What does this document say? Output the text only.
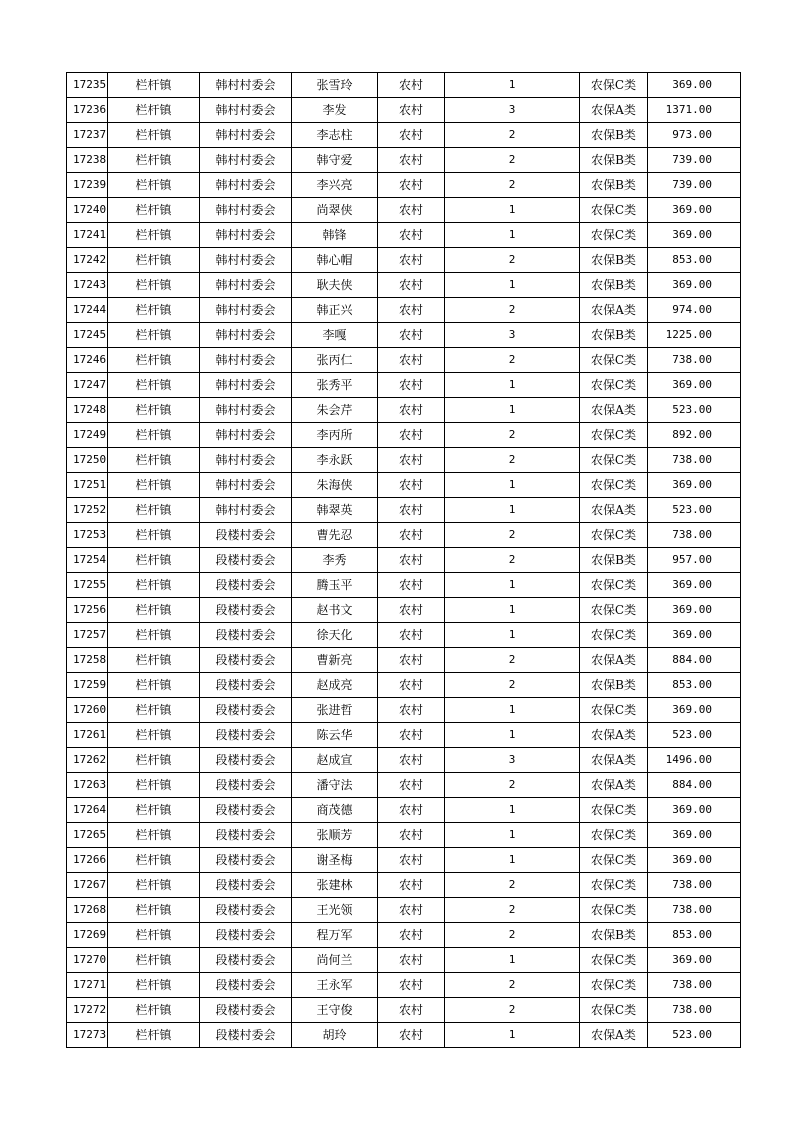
17235	栏杆镇	韩村村委会	张雪玲	农村	1	农保C类	369.00
17236	栏杆镇	韩村村委会	李发	农村	3	农保A类	1371.00
17237	栏杆镇	韩村村委会	李志柱	农村	2	农保B类	973.00
17238	栏杆镇	韩村村委会	韩守爱	农村	2	农保B类	739.00
17239	栏杆镇	韩村村委会	李兴亮	农村	2	农保B类	739.00
17240	栏杆镇	韩村村委会	尚翠侠	农村	1	农保C类	369.00
17241	栏杆镇	韩村村委会	韩锋	农村	1	农保C类	369.00
17242	栏杆镇	韩村村委会	韩心帽	农村	2	农保B类	853.00
17243	栏杆镇	韩村村委会	耿夫侠	农村	1	农保B类	369.00
17244	栏杆镇	韩村村委会	韩正兴	农村	2	农保A类	974.00
17245	栏杆镇	韩村村委会	李嘎	农村	3	农保B类	1225.00
17246	栏杆镇	韩村村委会	张丙仁	农村	2	农保C类	738.00
17247	栏杆镇	韩村村委会	张秀平	农村	1	农保C类	369.00
17248	栏杆镇	韩村村委会	朱会芹	农村	1	农保A类	523.00
17249	栏杆镇	韩村村委会	李丙所	农村	2	农保C类	892.00
17250	栏杆镇	韩村村委会	李永跃	农村	2	农保C类	738.00
17251	栏杆镇	韩村村委会	朱海侠	农村	1	农保C类	369.00
17252	栏杆镇	韩村村委会	韩翠英	农村	1	农保A类	523.00
17253	栏杆镇	段楼村委会	曹先忍	农村	2	农保C类	738.00
17254	栏杆镇	段楼村委会	李秀	农村	2	农保B类	957.00
17255	栏杆镇	段楼村委会	腾玉平	农村	1	农保C类	369.00
17256	栏杆镇	段楼村委会	赵书文	农村	1	农保C类	369.00
17257	栏杆镇	段楼村委会	徐天化	农村	1	农保C类	369.00
17258	栏杆镇	段楼村委会	曹新亮	农村	2	农保A类	884.00
17259	栏杆镇	段楼村委会	赵成亮	农村	2	农保B类	853.00
17260	栏杆镇	段楼村委会	张进哲	农村	1	农保C类	369.00
17261	栏杆镇	段楼村委会	陈云华	农村	1	农保A类	523.00
17262	栏杆镇	段楼村委会	赵成宣	农村	3	农保A类	1496.00
17263	栏杆镇	段楼村委会	潘守法	农村	2	农保A类	884.00
17264	栏杆镇	段楼村委会	商茂德	农村	1	农保C类	369.00
17265	栏杆镇	段楼村委会	张顺芳	农村	1	农保C类	369.00
17266	栏杆镇	段楼村委会	谢圣梅	农村	1	农保C类	369.00
17267	栏杆镇	段楼村委会	张建林	农村	2	农保C类	738.00
17268	栏杆镇	段楼村委会	王光领	农村	2	农保C类	738.00
17269	栏杆镇	段楼村委会	程万军	农村	2	农保B类	853.00
17270	栏杆镇	段楼村委会	尚何兰	农村	1	农保C类	369.00
17271	栏杆镇	段楼村委会	王永军	农村	2	农保C类	738.00
17272	栏杆镇	段楼村委会	王守俊	农村	2	农保C类	738.00
17273	栏杆镇	段楼村委会	胡玲	农村	1	农保A类	523.00
